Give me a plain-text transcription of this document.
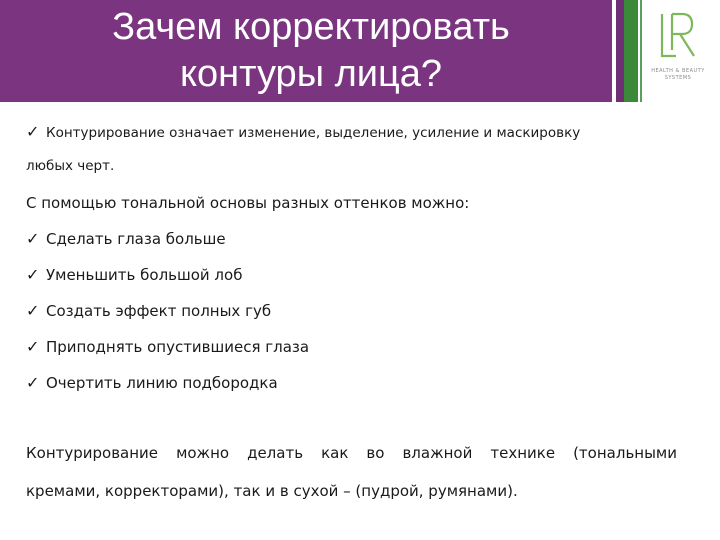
Зачем корректировать
контуры лица?	HEALTH & BEAUTY
SYSTEMS
✓ Контурирование означает изменение, выделение, усиление и маскировку
любых черт.
С помощью тональной основы разных оттенков можно:
✓ Сделать глаза больше
✓ Уменьшить большой лоб
✓ Создать эффект полных губ
✓ Приподнять опустившиеся глаза
✓ Очертить линию подбородка
Контурирование можно делать как во влажной технике (тональными
кремами, корректорами), так и в сухой – (пудрой, румянами).
